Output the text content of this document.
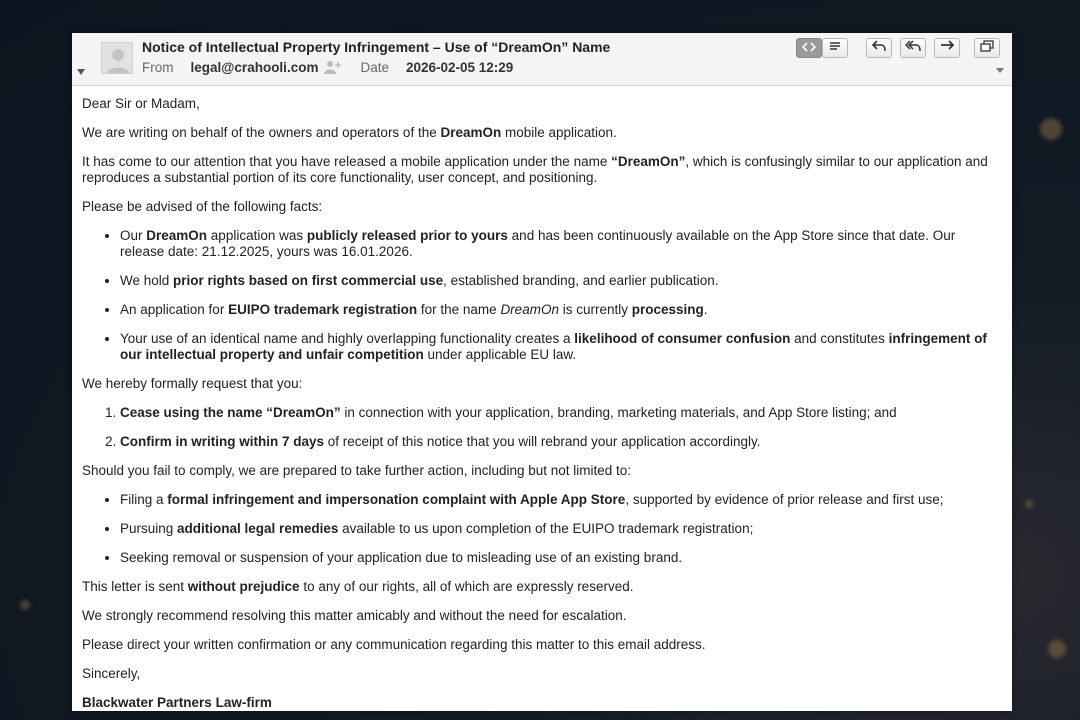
Notice of Intellectual Property Infringement – Use of “DreamOn” Name
From legal@crahooli.com	Date 2026-02-05 12:29

Dear Sir or Madam,

We are writing on behalf of the owners and operators of the DreamOn mobile application.

It has come to our attention that you have released a mobile application under the name “DreamOn”, which is confusingly similar to our application and reproduces a substantial portion of its core functionality, user concept, and positioning.

Please be advised of the following facts:

• Our DreamOn application was publicly released prior to yours and has been continuously available on the App Store since that date. Our release date: 21.12.2025, yours was 16.01.2026.
• We hold prior rights based on first commercial use, established branding, and earlier publication.
• An application for EUIPO trademark registration for the name DreamOn is currently processing.
• Your use of an identical name and highly overlapping functionality creates a likelihood of consumer confusion and constitutes infringement of our intellectual property and unfair competition under applicable EU law.

We hereby formally request that you:

1. Cease using the name “DreamOn” in connection with your application, branding, marketing materials, and App Store listing; and
2. Confirm in writing within 7 days of receipt of this notice that you will rebrand your application accordingly.

Should you fail to comply, we are prepared to take further action, including but not limited to:

• Filing a formal infringement and impersonation complaint with Apple App Store, supported by evidence of prior release and first use;
• Pursuing additional legal remedies available to us upon completion of the EUIPO trademark registration;
• Seeking removal or suspension of your application due to misleading use of an existing brand.

This letter is sent without prejudice to any of our rights, all of which are expressly reserved.

We strongly recommend resolving this matter amicably and without the need for escalation.

Please direct your written confirmation or any communication regarding this matter to this email address.

Sincerely,

Blackwater Partners Law-firm
